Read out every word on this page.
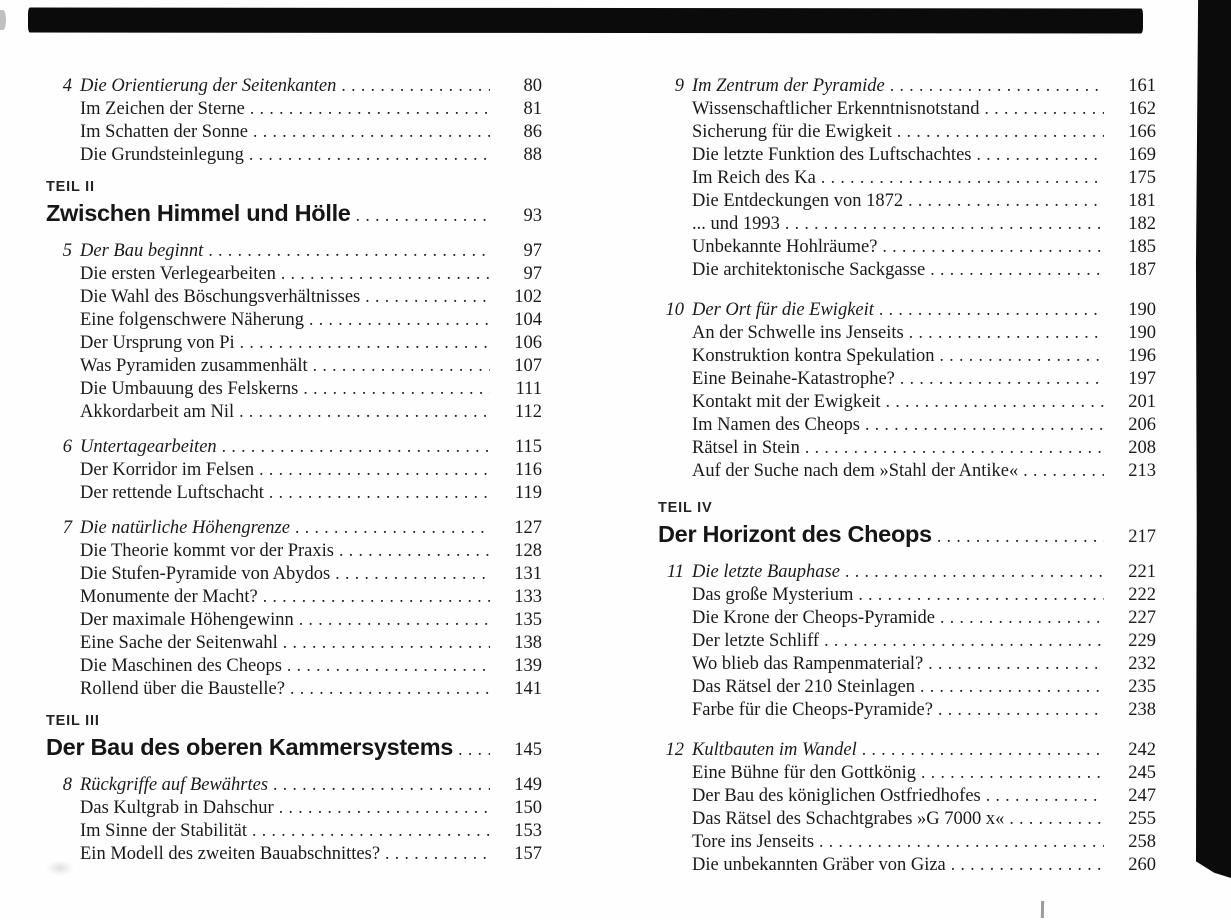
4 Die Orientierung der Seitenkanten . . .	80
Im Zeichen der Sterne . . .	81
Im Schatten der Sonne . . .	86
Die Grundsteinlegung . . .	88
TEIL II
Zwischen Himmel und Hölle . . .	93
5 Der Bau beginnt . . .	97
Die ersten Verlegearbeiten . . .	97
Die Wahl des Böschungsverhältnisses . . .	102
Eine folgenschwere Näherung . . .	104
Der Ursprung von Pi . . .	106
Was Pyramiden zusammenhält . . .	107
Die Umbauung des Felskerns . . .	111
Akkordarbeit am Nil . . .	112
6 Untertagearbeiten . . .	115
Der Korridor im Felsen . . .	116
Der rettende Luftschacht . . .	119
7 Die natürliche Höhengrenze . . .	127
Die Theorie kommt vor der Praxis . . .	128
Die Stufen-Pyramide von Abydos . . .	131
Monumente der Macht? . . .	133
Der maximale Höhengewinn . . .	135
Eine Sache der Seitenwahl . . .	138
Die Maschinen des Cheops . . .	139
Rollend über die Baustelle? . . .	141
TEIL III
Der Bau des oberen Kammersystems . . .	145
8 Rückgriffe auf Bewährtes . . .	149
Das Kultgrab in Dahschur . . .	150
Im Sinne der Stabilität . . .	153
Ein Modell des zweiten Bauabschnittes? . . .	157
9 Im Zentrum der Pyramide . . .	161
Wissenschaftlicher Erkenntnisnotstand . . .	162
Sicherung für die Ewigkeit . . .	166
Die letzte Funktion des Luftschachtes . . .	169
Im Reich des Ka . . .	175
Die Entdeckungen von 1872 . . .	181
... und 1993 . . .	182
Unbekannte Hohlräume? . . .	185
Die architektonische Sackgasse . . .	187
10 Der Ort für die Ewigkeit . . .	190
An der Schwelle ins Jenseits . . .	190
Konstruktion kontra Spekulation . . .	196
Eine Beinahe-Katastrophe? . . .	197
Kontakt mit der Ewigkeit . . .	201
Im Namen des Cheops . . .	206
Rätsel in Stein . . .	208
Auf der Suche nach dem »Stahl der Antike« . . .	213
TEIL IV
Der Horizont des Cheops . . .	217
11 Die letzte Bauphase . . .	221
Das große Mysterium . . .	222
Die Krone der Cheops-Pyramide . . .	227
Der letzte Schliff . . .	229
Wo blieb das Rampenmaterial? . . .	232
Das Rätsel der 210 Steinlagen . . .	235
Farbe für die Cheops-Pyramide? . . .	238
12 Kultbauten im Wandel . . .	242
Eine Bühne für den Gottkönig . . .	245
Der Bau des königlichen Ostfriedhofes . . .	247
Das Rätsel des Schachtgrabes »G 7000 x« . . .	255
Tore ins Jenseits . . .	258
Die unbekannten Gräber von Giza . . .	260
